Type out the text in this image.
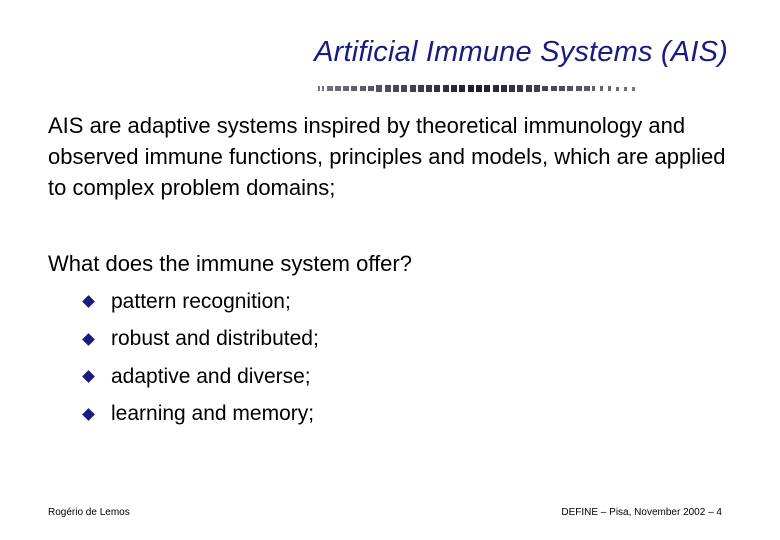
Artificial Immune Systems (AIS)

AIS are adaptive systems inspired by theoretical immunology and observed immune functions, principles and models, which are applied to complex problem domains;

What does the immune system offer?

pattern recognition;
robust and distributed;
adaptive and diverse;
learning and memory;
Rogério de Lemos	DEFINE – Pisa, November 2002 – 4
